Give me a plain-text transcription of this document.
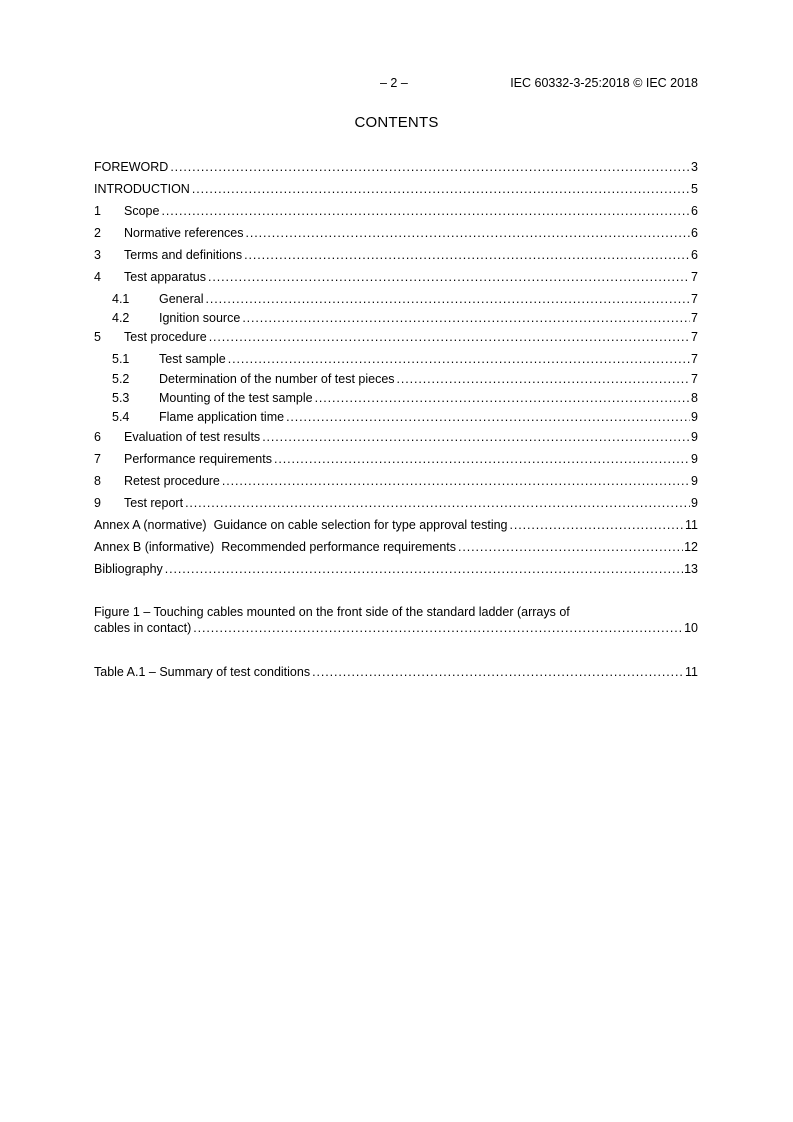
– 2 –	IEC 60332-3-25:2018 © IEC 2018
CONTENTS
FOREWORD .....	3
INTRODUCTION .....	5
1	Scope .....	6
2	Normative references .....	6
3	Terms and definitions .....	6
4	Test apparatus .....	7
4.1	General .....	7
4.2	Ignition source .....	7
5	Test procedure .....	7
5.1	Test sample .....	7
5.2	Determination of the number of test pieces .....	7
5.3	Mounting of the test sample .....	8
5.4	Flame application time .....	9
6	Evaluation of test results .....	9
7	Performance requirements .....	9
8	Retest procedure .....	9
9	Test report .....	9
Annex A (normative) Guidance on cable selection for type approval testing .....	11
Annex B (informative) Recommended performance requirements .....	12
Bibliography .....	13
Figure 1 – Touching cables mounted on the front side of the standard ladder (arrays of
cables in contact) .....	10
Table A.1 – Summary of test conditions .....	11
